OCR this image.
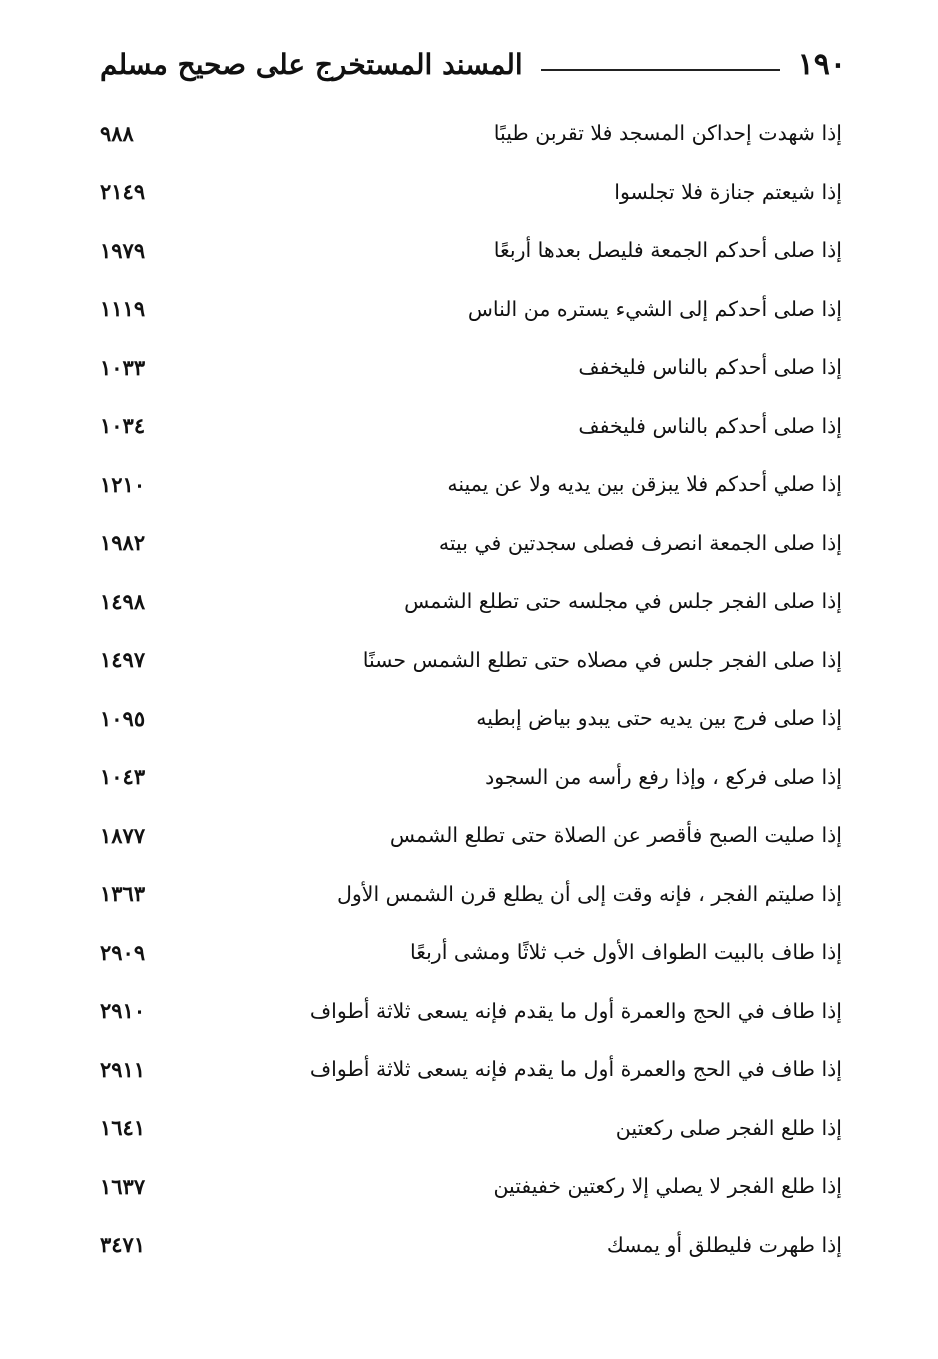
١٩٠
المسند المستخرج على صحيح مسلم
إذا شهدت إحداكن المسجد فلا تقربن طيبًا
٩٨٨
إذا شيعتم جنازة فلا تجلسوا
٢١٤٩
إذا صلى أحدكم الجمعة فليصل بعدها أربعًا
١٩٧٩
إذا صلى أحدكم إلى الشيء يستره من الناس
١١١٩
إذا صلى أحدكم بالناس فليخفف
١٠٣٣
إذا صلى أحدكم بالناس فليخفف
١٠٣٤
إذا صلي أحدكم فلا يبزقن بين يديه ولا عن يمينه
١٢١٠
إذا صلى الجمعة انصرف فصلى سجدتين في بيته
١٩٨٢
إذا صلى الفجر جلس في مجلسه حتى تطلع الشمس
١٤٩٨
إذا صلى الفجر جلس في مصلاه حتى تطلع الشمس حسنًا
١٤٩٧
إذا صلى فرج بين يديه حتى يبدو بياض إبطيه
١٠٩٥
إذا صلى فركع ، وإذا رفع رأسه من السجود
١٠٤٣
إذا صليت الصبح فأقصر عن الصلاة حتى تطلع الشمس
١٨٧٧
إذا صليتم الفجر ، فإنه وقت إلى أن يطلع قرن الشمس الأول
١٣٦٣
إذا طاف بالبيت الطواف الأول خب ثلاثًا ومشى أربعًا
٢٩٠٩
إذا طاف في الحج والعمرة أول ما يقدم فإنه يسعى ثلاثة أطواف
٢٩١٠
إذا طاف في الحج والعمرة أول ما يقدم فإنه يسعى ثلاثة أطواف
٢٩١١
إذا طلع الفجر صلى ركعتين
١٦٤١
إذا طلع الفجر لا يصلي إلا ركعتين خفيفتين
١٦٣٧
إذا طهرت فليطلق أو يمسك
٣٤٧١
